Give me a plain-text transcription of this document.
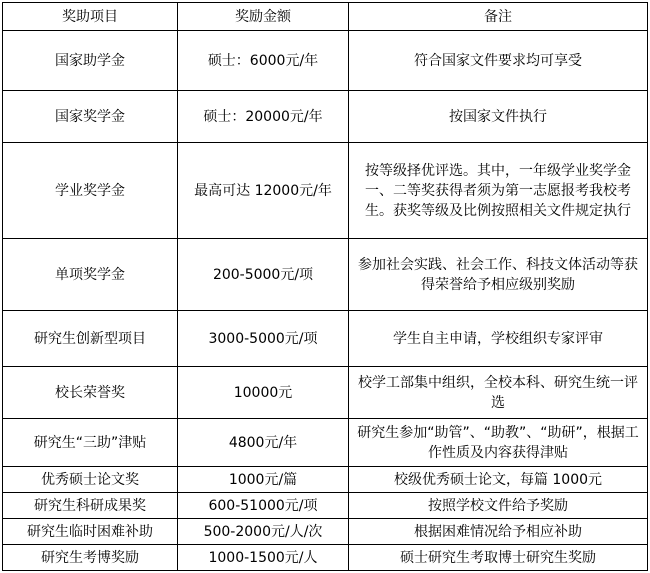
奖助项目	奖励金额	备注
国家助学金	硕士：6000元/年	符合国家文件要求均可享受
国家奖学金	硕士：20000元/年	按国家文件执行
学业奖学金	最高可达 12000元/年	按等级择优评选。其中，一年级学业奖学金一、二等奖获得者须为第一志愿报考我校考生。获奖等级及比例按照相关文件规定执行
单项奖学金	200-5000元/项	参加社会实践、社会工作、科技文体活动等获得荣誉给予相应级别奖励
研究生创新型项目	3000-5000元/项	学生自主申请，学校组织专家评审
校长荣誉奖	10000元	校学工部集中组织，全校本科、研究生统一评选
研究生“三助”津贴	4800元/年	研究生参加“助管”、“助教”、“助研”，根据工作性质及内容获得津贴
优秀硕士论文奖	1000元/篇	校级优秀硕士论文，每篇 1000元
研究生科研成果奖	600-51000元/项	按照学校文件给予奖励
研究生临时困难补助	500-2000元/人/次	根据困难情况给予相应补助
研究生考博奖励	1000-1500元/人	硕士研究生考取博士研究生奖励
